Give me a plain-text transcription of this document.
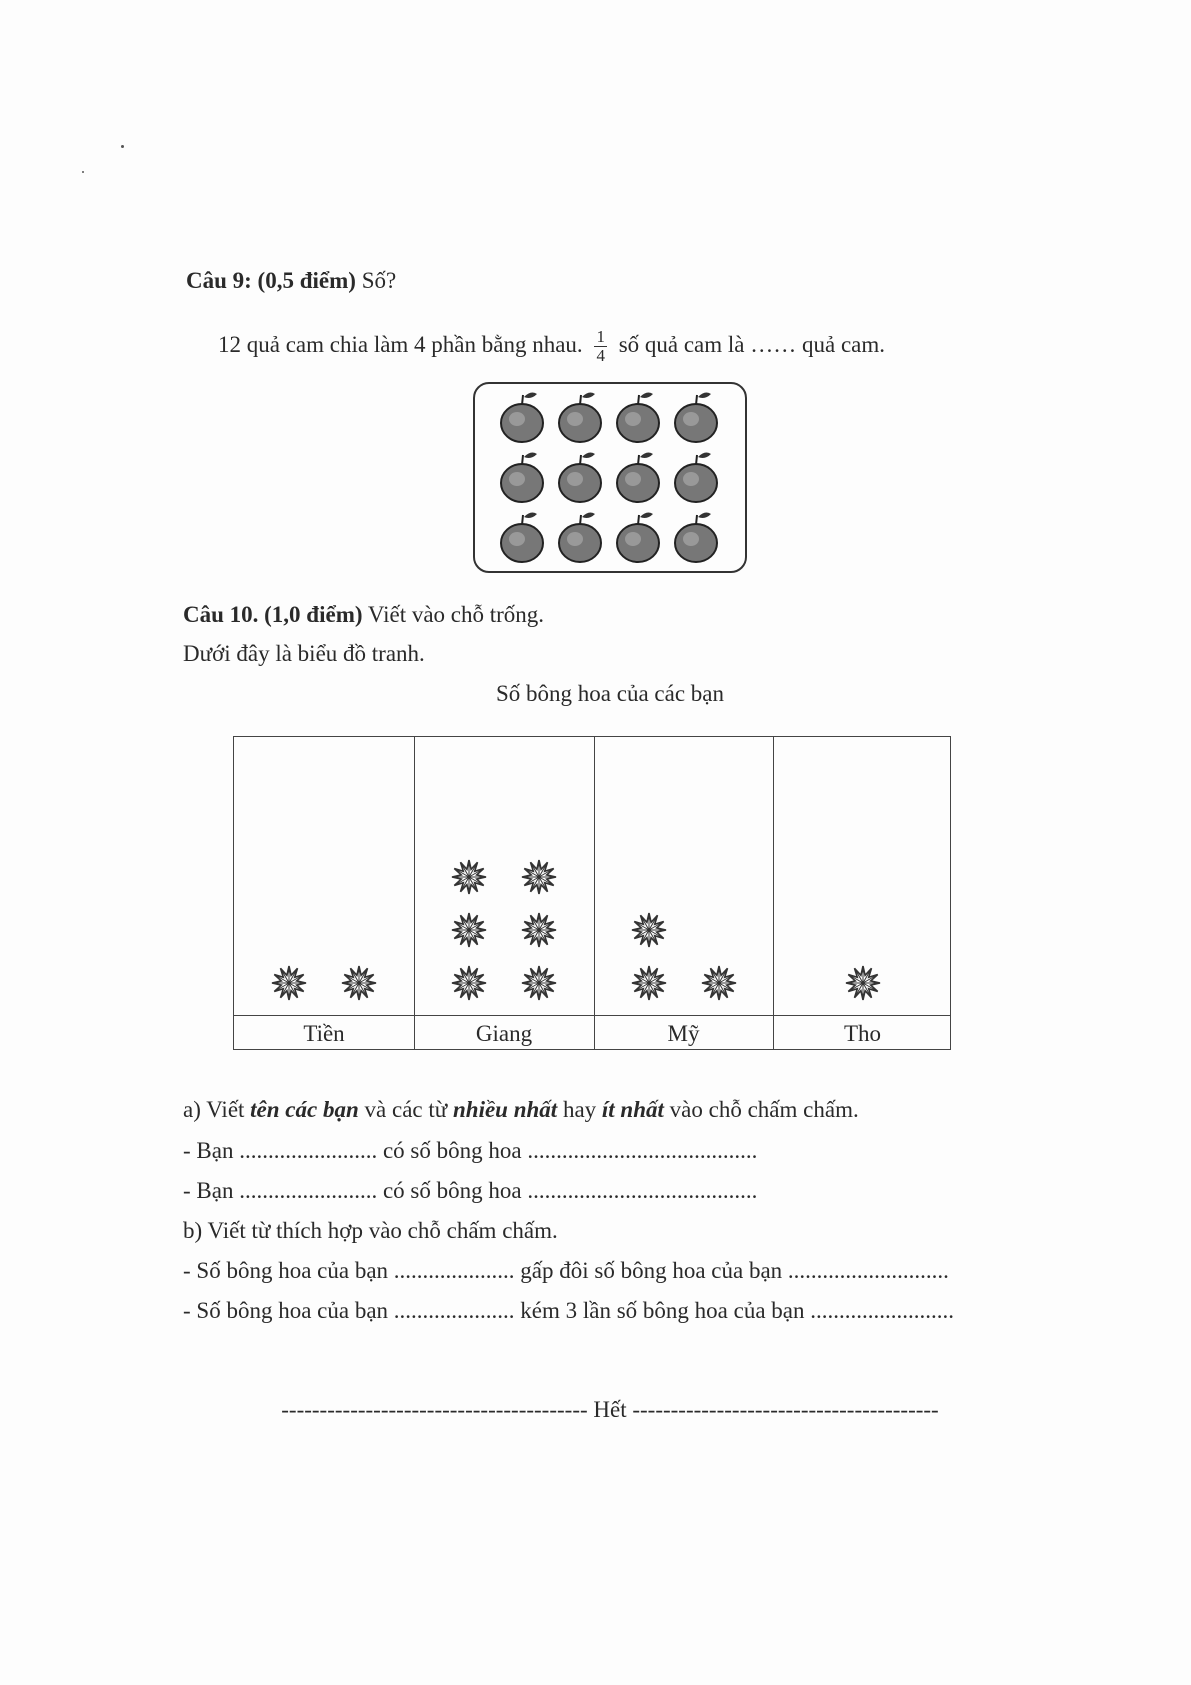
Câu 9: (0,5 điểm) Số?
12 quả cam chia làm 4 phần bằng nhau. $\frac{1}{4}$ số quả cam là …… quả cam.
Câu 10. (1,0 điểm) Viết vào chỗ trống.
Dưới đây là biểu đồ tranh.
Số bông hoa của các bạn
Tiền	Giang	Mỹ	Tho
a) Viết tên các bạn và các từ nhiều nhất hay ít nhất vào chỗ chấm chấm.
- Bạn ........................ có số bông hoa ........................................
- Bạn ........................ có số bông hoa ........................................
b) Viết từ thích hợp vào chỗ chấm chấm.
- Số bông hoa của bạn ..................... gấp đôi số bông hoa của bạn ............................
- Số bông hoa của bạn ..................... kém 3 lần số bông hoa của bạn .........................
---------------------------------------- Hết ----------------------------------------
